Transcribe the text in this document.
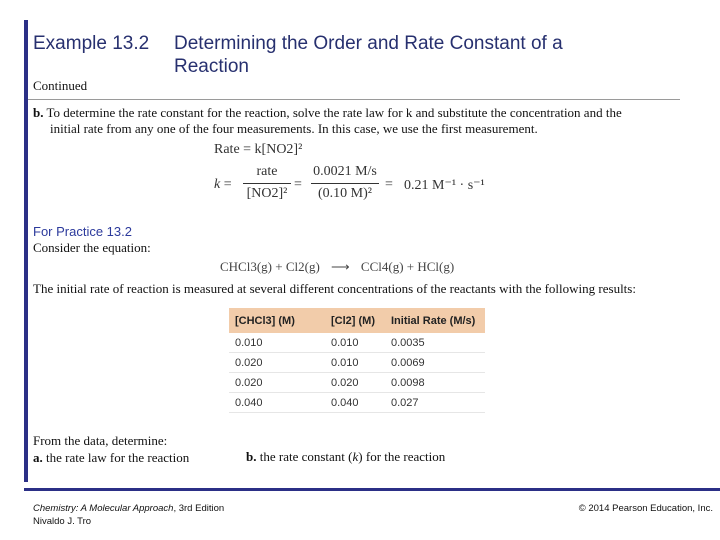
Example 13.2 Determining the Order and Rate Constant of a
Reaction
Continued
b. To determine the rate constant for the reaction, solve the rate law for k and substitute the concentration and the
initial rate from any one of the four measurements. In this case, we use the first measurement.
Rate = k[NO2]²
k =
rate
[NO2]²
=
0.0021 M/s
(0.10 M)²
= 0.21 M⁻¹ · s⁻¹
For Practice 13.2
Consider the equation:
CHCl3(g) + Cl2(g) ⟶ CCl4(g) + HCl(g)
The initial rate of reaction is measured at several different concentrations of the reactants with the following results:
[CHCl3] (M)	[Cl2] (M)	Initial Rate (M/s)
0.010	0.010	0.0035
0.020	0.010	0.0069
0.020	0.020	0.0098
0.040	0.040	0.027
From the data, determine:
a. the rate law for the reaction	b. the rate constant (k) for the reaction
Chemistry: A Molecular Approach, 3rd Edition
Nivaldo J. Tro
© 2014 Pearson Education, Inc.
